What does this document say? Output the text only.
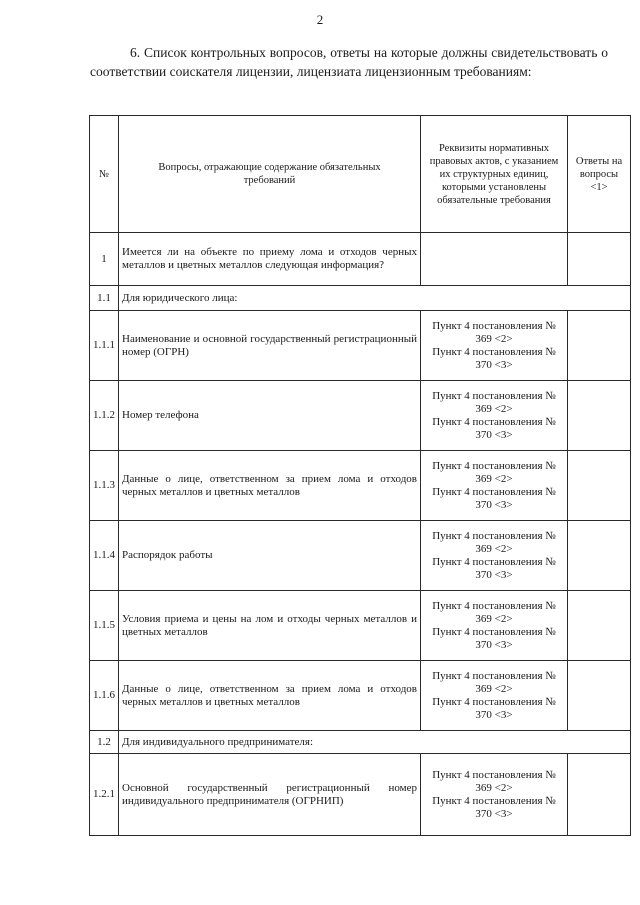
2

6. Список контрольных вопросов, ответы на которые должны свидетельствовать о соответствии соискателя лицензии, лицензиата лицензионным требованиям:

№	Вопросы, отражающие содержание обязательных требований	Реквизиты нормативных правовых актов, с указанием их структурных единиц, которыми установлены обязательные требования	Ответы на вопросы <1>
1	Имеется ли на объекте по приему лома и отходов черных металлов и цветных металлов следующая информация?		
1.1	Для юридического лица:		
1.1.1	Наименование и основной государственный регистрационный номер (ОГРН)	Пункт 4 постановления № 369 <2>
Пункт 4 постановления № 370 <3>	

1.1.2	Номер телефона	Пункт 4 постановления № 369 <2>
Пункт 4 постановления № 370 <3>	

1.1.3	Данные о лице, ответственном за прием лома и отходов черных металлов и цветных металлов	Пункт 4 постановления № 369 <2>
Пункт 4 постановления № 370 <3>	

1.1.4	Распорядок работы	Пункт 4 постановления № 369 <2>
Пункт 4 постановления № 370 <3>	

1.1.5	Условия приема и цены на лом и отходы черных металлов и цветных металлов	Пункт 4 постановления № 369 <2>
Пункт 4 постановления № 370 <3>	

1.1.6	Данные о лице, ответственном за прием лома и отходов черных металлов и цветных металлов	Пункт 4 постановления № 369 <2>
Пункт 4 постановления № 370 <3>	

1.2	Для индивидуального предпринимателя:		
1.2.1	Основной государственный регистрационный номер индивидуального предпринимателя (ОГРНИП)	Пункт 4 постановления № 369 <2>
Пункт 4 постановления № 370 <3>	
